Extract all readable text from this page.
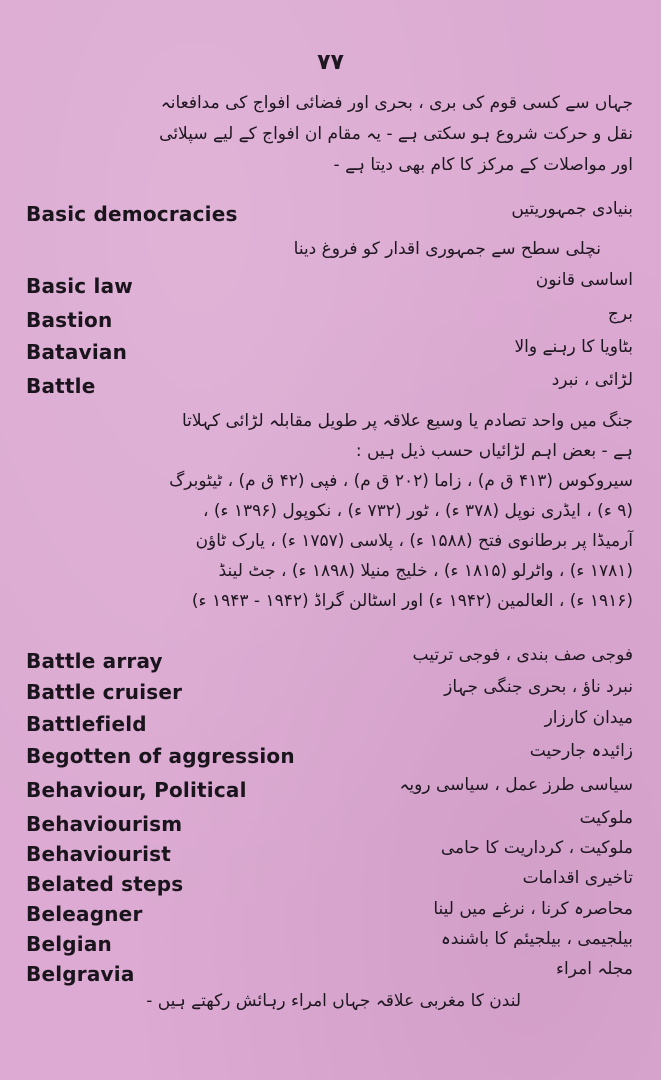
۷۷
جہاں سے کسی قوم کی بری ، بحری اور فضائی افواج کی مدافعانہ
نقل و حرکت شروع ہو سکتی ہے - یہ مقام ان افواج کے لیے سپلائی
اور مواصلات کے مرکز کا کام بھی دیتا ہے -
Basic democracies	بنیادی جمہوریتیں
نچلی سطح سے جمہوری اقدار کو فروغ دینا
Basic law	اساسی قانون
Bastion	برج
Batavian	بٹاویا کا رہنے والا
Battle	لڑائی ، نبرد
جنگ میں واحد تصادم یا وسیع علاقہ پر طویل مقابلہ لڑائی کہلاتا
ہے - بعض اہم لڑائیاں حسب ذیل ہیں :
سیروکوس (۴۱۳ ق م) ، زاما (۲۰۲ ق م) ، فپی (۴۲ ق م) ، ٹیٹوبرگ
(۹ ء) ، ایڈری نوپل (۳۷۸ ء) ، ٹور (۷۳۲ ء) ، نکوپول (۱۳۹۶ ء) ،
آرمیڈا پر برطانوی فتح (۱۵۸۸ ء) ، پلاسی (۱۷۵۷ ء) ، یارک ٹاؤن
(۱۷۸۱ ء) ، واٹرلو (۱۸۱۵ ء) ، خلیج منیلا (۱۸۹۸ ء) ، جٹ لینڈ
(۱۹۱۶ ء) ، العالمین (۱۹۴۲ ء) اور اسٹالن گراڈ (۱۹۴۲ - ۱۹۴۳ ء)
Battle array	فوجی صف بندی ، فوجی ترتیب
Battle cruiser	نبرد ناؤ ، بحری جنگی جہاز
Battlefield	میدان کارزار
Begotten of aggression	زائیدہ جارحیت
Behaviour, Political	سیاسی طرز عمل ، سیاسی رویہ
Behaviourism	ملوکیت
Behaviourist	ملوکیت ، کرداریت کا حامی
Belated steps	تاخیری اقدامات
Beleagner	محاصرہ کرنا ، نرغے میں لینا
Belgian	بیلجیمی ، بیلجیئم کا باشندہ
Belgravia	مجلہ امراء
لندن کا مغربی علاقہ جہاں امراء رہائش رکھتے ہیں -
